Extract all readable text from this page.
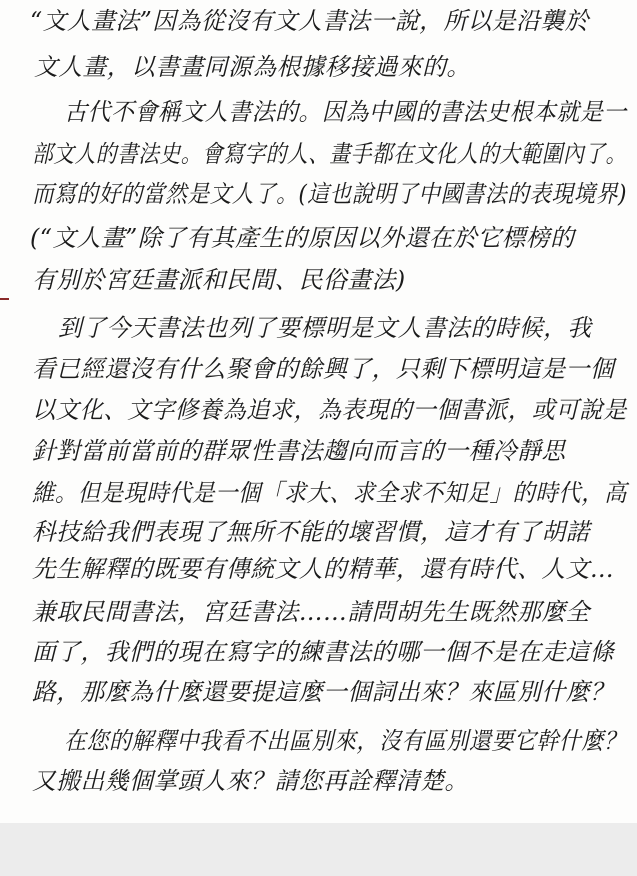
“文人畫法”因為從沒有文人書法一說，所以是沿襲於
文人畫，以書畫同源為根據移接過來的。
古代不會稱文人書法的。因為中國的書法史根本就是一
部文人的書法史。會寫字的人、畫手都在文化人的大範圍內了。
而寫的好的當然是文人了。(這也說明了中國書法的表現境界)
(“文人畫”除了有其產生的原因以外還在於它標榜的
有別於宮廷畫派和民間、民俗畫法)
到了今天書法也列了要標明是文人書法的時候，我
看已經還沒有什么聚會的餘興了，只剩下標明這是一個
以文化、文字修養為追求，為表現的一個書派，或可說是
針對當前當前的群眾性書法趨向而言的一種冷靜思
維。但是現時代是一個「求大、求全求不知足」的時代，高
科技給我們表現了無所不能的壞習慣，這才有了胡諾
先生解釋的既要有傳統文人的精華，還有時代、人文…
兼取民間書法，宮廷書法……請問胡先生既然那麼全
面了，我們的現在寫字的練書法的哪一個不是在走這條
路，那麼為什麼還要提這麼一個詞出來？來區別什麼？
在您的解釋中我看不出區別來，沒有區別還要它幹什麼？
又搬出幾個掌頭人來？請您再詮釋清楚。
